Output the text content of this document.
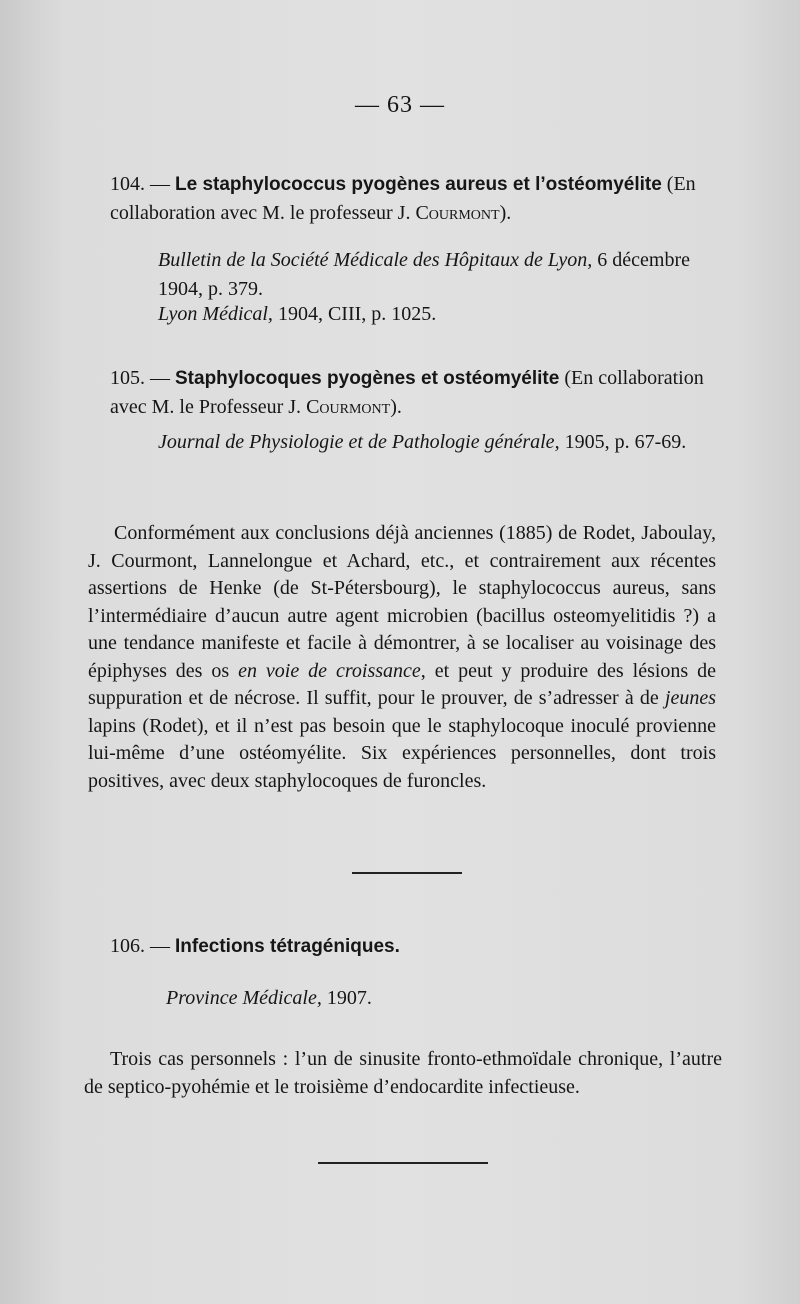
— 63 —
104. — Le staphylococcus pyogènes aureus et l’ostéomyélite (En collaboration avec M. le professeur J. Courmont).
Bulletin de la Société Médicale des Hôpitaux de Lyon, 6 décembre 1904, p. 379.
Lyon Médical, 1904, CIII, p. 1025.
105. — Staphylocoques pyogènes et ostéomyélite (En collaboration avec M. le Professeur J. Courmont).
Journal de Physiologie et de Pathologie générale, 1905, p. 67-69.

Conformément aux conclusions déjà anciennes (1885) de Rodet, Jaboulay, J. Courmont, Lannelongue et Achard, etc., et contrairement aux récentes assertions de Henke (de St-Pétersbourg), le staphylococcus aureus, sans l’intermédiaire d’aucun autre agent microbien (bacillus osteomyelitidis ?) a une tendance manifeste et facile à démontrer, à se localiser au voisinage des épiphyses des os en voie de croissance, et peut y produire des lésions de suppuration et de nécrose. Il suffit, pour le prouver, de s’adresser à de jeunes lapins (Rodet), et il n’est pas besoin que le staphylocoque inoculé provienne lui-même d’une ostéomyélite. Six expériences personnelles, dont trois positives, avec deux staphylocoques de furoncles.

106. — Infections tétragéniques.
Province Médicale, 1907.

Trois cas personnels : l’un de sinusite fronto-ethmoïdale chronique, l’autre de septico-pyohémie et le troisième d’endocardite infectieuse.
